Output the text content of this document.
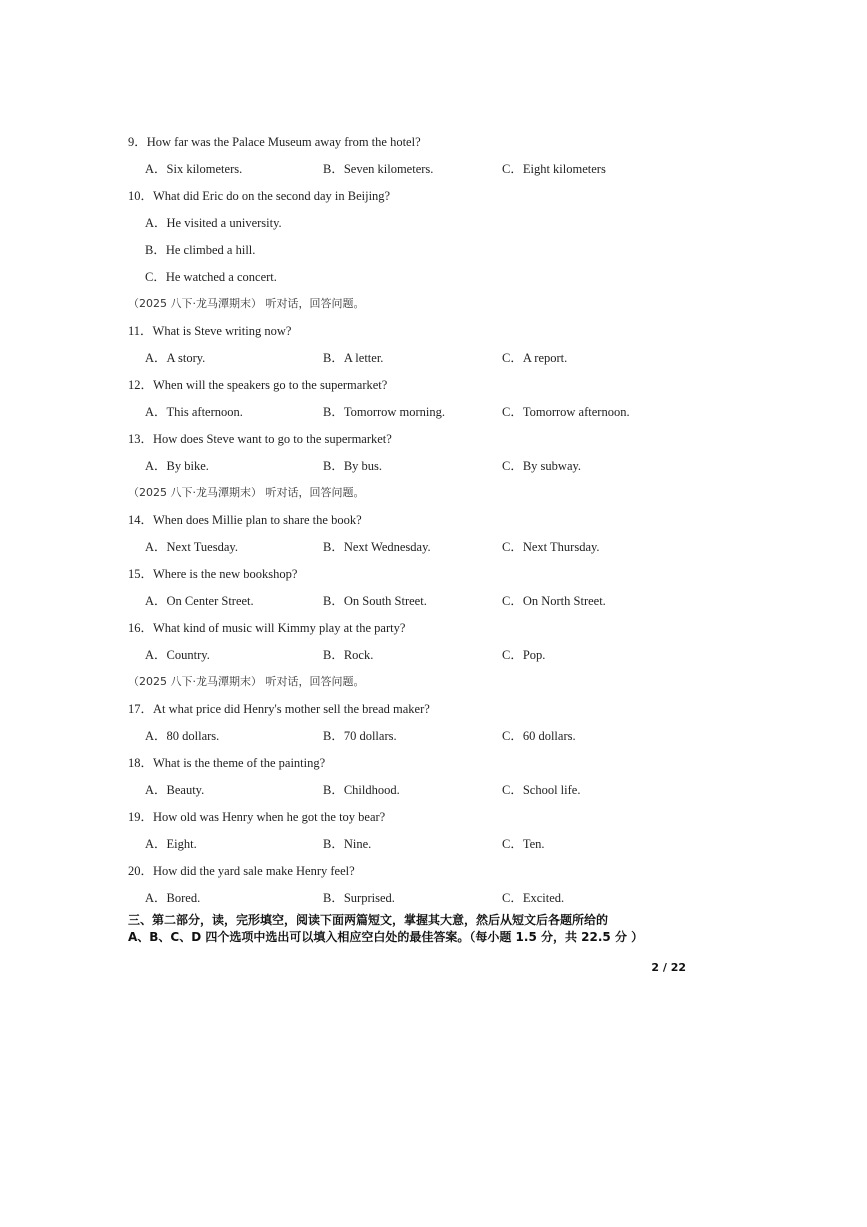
9．How far was the Palace Museum away from the hotel?
A．Six kilometers.	B．Seven kilometers.	C．Eight kilometers
10．What did Eric do on the second day in Beijing?
A．He visited a university.
B．He climbed a hill.
C．He watched a concert.
（2025 八下·龙马潭期末） 听对话，回答问题。
11．What is Steve writing now?
A．A story.	B．A letter.	C．A report.
12．When will the speakers go to the supermarket?
A．This afternoon.	B．Tomorrow morning.	C．Tomorrow afternoon.
13．How does Steve want to go to the supermarket?
A．By bike.	B．By bus.	C．By subway.
（2025 八下·龙马潭期末） 听对话，回答问题。
14．When does Millie plan to share the book?
A．Next Tuesday.	B．Next Wednesday.	C．Next Thursday.
15．Where is the new bookshop?
A．On Center Street.	B．On South Street.	C．On North Street.
16．What kind of music will Kimmy play at the party?
A．Country.	B．Rock.	C．Pop.
（2025 八下·龙马潭期末） 听对话，回答问题。
17．At what price did Henry's mother sell the bread maker?
A．80 dollars.	B．70 dollars.	C．60 dollars.
18．What is the theme of the painting?
A．Beauty.	B．Childhood.	C．School life.
19．How old was Henry when he got the toy bear?
A．Eight.	B．Nine.	C．Ten.
20．How did the yard sale make Henry feel?
A．Bored.	B．Surprised.	C．Excited.
三、第二部分，读，完形填空，阅读下面两篇短文，掌握其大意，然后从短文后各题所给的
A、B、C、D 四个选项中选出可以填入相应空白处的最佳答案。（每小题 1.5 分，共 22.5 分 ）
2 / 22
